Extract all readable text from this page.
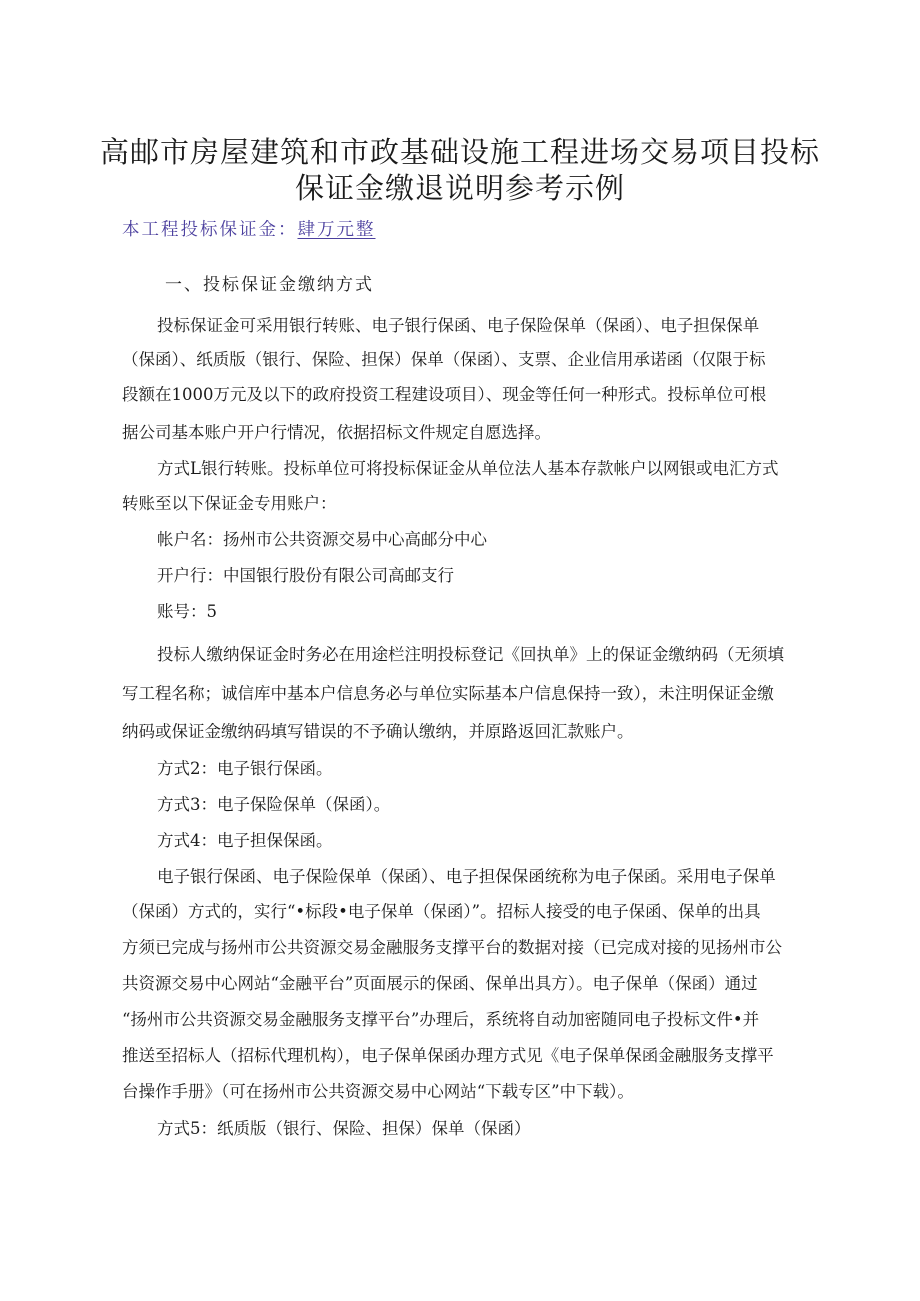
高邮市房屋建筑和市政基础设施工程进场交易项目投标
保证金缴退说明参考示例
本工程投标保证金：肆万元整
一、投标保证金缴纳方式

投标保证金可采用银行转账、电子银行保函、电子保险保单（保函）、电子担保保单

（保函）、纸质版（银行、保险、担保）保单（保函）、支票、企业信用承诺函（仅限于标

段额在1000万元及以下的政府投资工程建设项目）、现金等任何一种形式。投标单位可根

据公司基本账户开户行情况，依据招标文件规定自愿选择。

方式L银行转账。投标单位可将投标保证金从单位法人基本存款帐户以网银或电汇方式

转账至以下保证金专用账户：

帐户名：扬州市公共资源交易中心高邮分中心

开户行：中国银行股份有限公司高邮支行

账号：5

投标人缴纳保证金时务必在用途栏注明投标登记《回执单》上的保证金缴纳码（无须填

写工程名称；诚信库中基本户信息务必与单位实际基本户信息保持一致），未注明保证金缴

纳码或保证金缴纳码填写错误的不予确认缴纳，并原路返回汇款账户。

方式2：电子银行保函。

方式3：电子保险保单（保函）。

方式4：电子担保保函。

电子银行保函、电子保险保单（保函）、电子担保保函统称为电子保函。采用电子保单

（保函）方式的，实行“•标段•电子保单（保函）”。招标人接受的电子保函、保单的出具

方须已完成与扬州市公共资源交易金融服务支撑平台的数据对接（已完成对接的见扬州市公

共资源交易中心网站“金融平台”页面展示的保函、保单出具方）。电子保单（保函）通过

“扬州市公共资源交易金融服务支撑平台”办理后，系统将自动加密随同电子投标文件•并

推送至招标人（招标代理机构），电子保单保函办理方式见《电子保单保函金融服务支撑平

台操作手册》（可在扬州市公共资源交易中心网站“下载专区”中下载）。

方式5：纸质版（银行、保险、担保）保单（保函）
